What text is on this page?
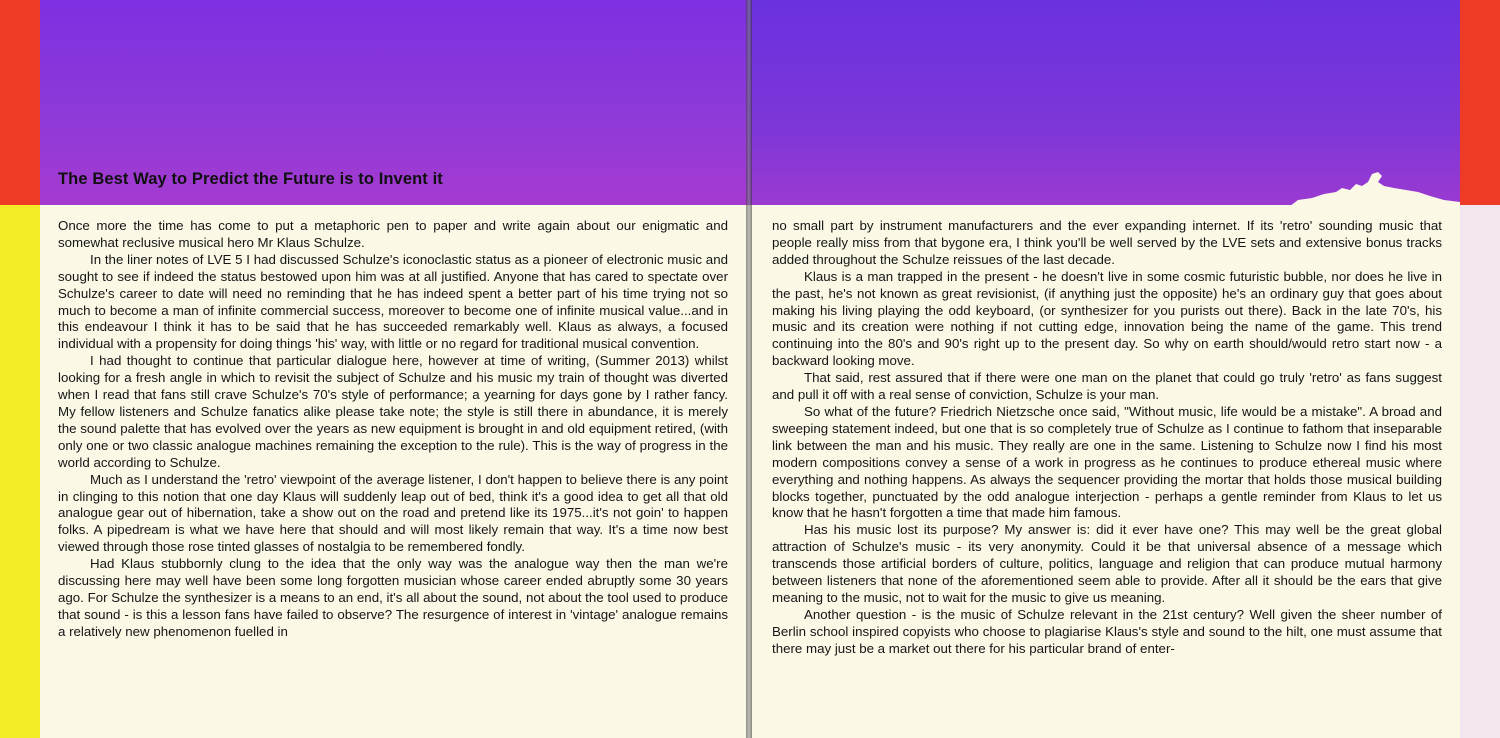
The Best Way to Predict the Future is to Invent it

Once more the time has come to put a metaphoric pen to paper and write again about our enigmatic and somewhat reclusive musical hero Mr Klaus Schulze.

In the liner notes of LVE 5 I had discussed Schulze's iconoclastic status as a pioneer of electronic music and sought to see if indeed the status bestowed upon him was at all justified. Anyone that has cared to spectate over Schulze's career to date will need no reminding that he has indeed spent a better part of his time trying not so much to become a man of infinite commercial success, moreover to become one of infinite musical value...and in this endeavour I think it has to be said that he has succeeded remarkably well. Klaus as always, a focused individual with a propensity for doing things 'his' way, with little or no regard for traditional musical convention.

I had thought to continue that particular dialogue here, however at time of writing, (Summer 2013) whilst looking for a fresh angle in which to revisit the subject of Schulze and his music my train of thought was diverted when I read that fans still crave Schulze's 70's style of performance; a yearning for days gone by I rather fancy. My fellow listeners and Schulze fanatics alike please take note; the style is still there in abundance, it is merely the sound palette that has evolved over the years as new equipment is brought in and old equipment retired, (with only one or two classic analogue machines remaining the exception to the rule). This is the way of progress in the world according to Schulze.

Much as I understand the 'retro' viewpoint of the average listener, I don't happen to believe there is any point in clinging to this notion that one day Klaus will suddenly leap out of bed, think it's a good idea to get all that old analogue gear out of hibernation, take a show out on the road and pretend like its 1975...it's not goin' to happen folks. A pipedream is what we have here that should and will most likely remain that way. It's a time now best viewed through those rose tinted glasses of nostalgia to be remembered fondly.

Had Klaus stubbornly clung to the idea that the only way was the analogue way then the man we're discussing here may well have been some long forgotten musician whose career ended abruptly some 30 years ago. For Schulze the synthesizer is a means to an end, it's all about the sound, not about the tool used to produce that sound - is this a lesson fans have failed to observe? The resurgence of interest in 'vintage' analogue remains a relatively new phenomenon fuelled in

no small part by instrument manufacturers and the ever expanding internet. If its 'retro' sounding music that people really miss from that bygone era, I think you'll be well served by the LVE sets and extensive bonus tracks added throughout the Schulze reissues of the last decade.

Klaus is a man trapped in the present - he doesn't live in some cosmic futuristic bubble, nor does he live in the past, he's not known as great revisionist, (if anything just the opposite) he's an ordinary guy that goes about making his living playing the odd keyboard, (or synthesizer for you purists out there). Back in the late 70's, his music and its creation were nothing if not cutting edge, innovation being the name of the game. This trend continuing into the 80's and 90's right up to the present day. So why on earth should/would retro start now - a backward looking move.

That said, rest assured that if there were one man on the planet that could go truly 'retro' as fans suggest and pull it off with a real sense of conviction, Schulze is your man.

So what of the future? Friedrich Nietzsche once said, "Without music, life would be a mistake". A broad and sweeping statement indeed, but one that is so completely true of Schulze as I continue to fathom that inseparable link between the man and his music. They really are one in the same. Listening to Schulze now I find his most modern compositions convey a sense of a work in progress as he continues to produce ethereal music where everything and nothing happens. As always the sequencer providing the mortar that holds those musical building blocks together, punctuated by the odd analogue interjection - perhaps a gentle reminder from Klaus to let us know that he hasn't forgotten a time that made him famous.

Has his music lost its purpose? My answer is: did it ever have one? This may well be the great global attraction of Schulze's music - its very anonymity. Could it be that universal absence of a message which transcends those artificial borders of culture, politics, language and religion that can produce mutual harmony between listeners that none of the aforementioned seem able to provide. After all it should be the ears that give meaning to the music, not to wait for the music to give us meaning.

Another question - is the music of Schulze relevant in the 21st century? Well given the sheer number of Berlin school inspired copyists who choose to plagiarise Klaus's style and sound to the hilt, one must assume that there may just be a market out there for his particular brand of enter-
